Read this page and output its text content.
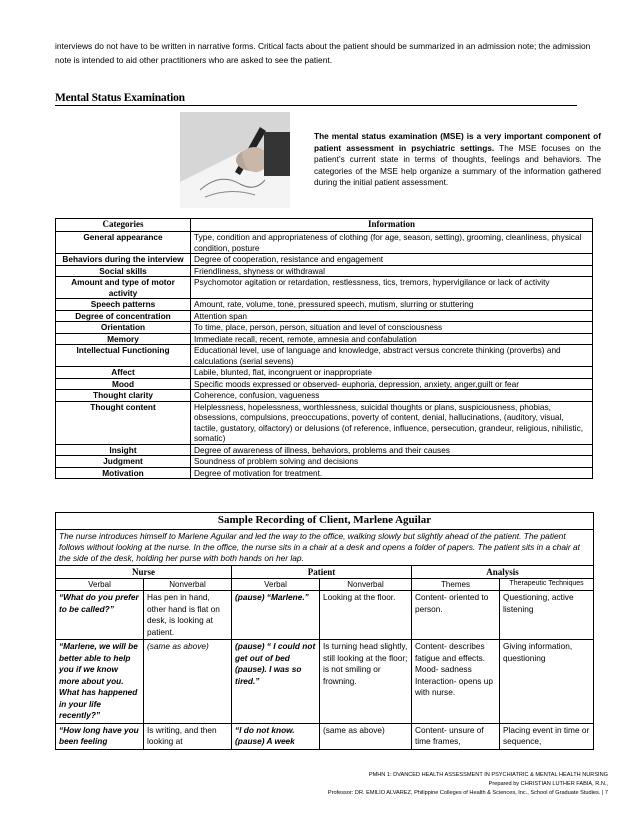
interviews do not have to be written in narrative forms. Critical facts about the patient should be summarized in an admission note; the admission note is intended to aid other practitioners who are asked to see the patient.
Mental Status Examination
The mental status examination (MSE) is a very important component of patient assessment in psychiatric settings. The MSE focuses on the patient’s current state in terms of thoughts, feelings and behaviors. The categories of the MSE help organize a summary of the information gathered during the initial patient assessment.
Categories	Information
General appearance	Type, condition and appropriateness of clothing (for age, season, setting), grooming, cleanliness, physical condition, posture
Behaviors during the interview	Degree of cooperation, resistance and engagement
Social skills	Friendliness, shyness or withdrawal
Amount and type of motor activity	Psychomotor agitation or retardation, restlessness, tics, tremors, hypervigilance or lack of activity
Speech patterns	Amount, rate, volume, tone, pressured speech, mutism, slurring or stuttering
Degree of concentration	Attention span
Orientation	To time, place, person, person, situation and level of consciousness
Memory	Immediate recall, recent, remote, amnesia and confabulation
Intellectual Functioning	Educational level, use of language and knowledge, abstract versus concrete thinking (proverbs) and calculations (serial sevens)
Affect	Labile, blunted, flat, incongruent or inappropriate
Mood	Specific moods expressed or observed- euphoria, depression, anxiety, anger,guilt or fear
Thought clarity	Coherence, confusion, vagueness
Thought content	Helplessness, hopelessness, worthlessness, suicidal thoughts or plans, suspiciousness, phobias, obsessions, compulsions, preoccupations, poverty of content, denial, hallucinations, (auditory, visual, tactile, gustatory, olfactory) or delusions (of reference, influence, persecution, grandeur, religious, nihilistic, somatic)
Insight	Degree of awareness of illness, behaviors, problems and their causes
Judgment	Soundness of problem solving and decisions
Motivation	Degree of motivation for treatment.
Sample Recording of Client, Marlene Aguilar					
The nurse introduces himself to Marlene Aguilar and led the way to the office, walking slowly but slightly ahead of the patient. The patient follows without looking at the nurse. In the office, the nurse sits in a chair at a desk and opens a folder of papers. The patient sits in a chair at the side of the desk, holding her purse with both hands on her lap.					
Nurse		Patient		Analysis	
Verbal	Nonverbal	Verbal	Nonverbal	Themes	Therapeutic Techniques
“What do you prefer to be called?”	Has pen in hand, other hand is flat on desk, is looking at patient.	(pause) “Marlene.”	Looking at the floor.	Content- oriented to person.	Questioning, active listening
“Marlene, we will be better able to help you if we know more about you. What has happened in your life recently?”	(same as above)	(pause) “ I could not get out of bed (pause). I was so tired.”	Is turning head slightly, still looking at the floor; is not smiling or frowning.	Content- describes fatigue and effects. Mood- sadness Interaction- opens up with nurse.	Giving information, questioning
“How long have you been feeling	Is writing, and then looking at	“I do not know. (pause) A week	(same as above)	Content- unsure of time frames,	Placing event in time or sequence,
PMHN 1: DVANCED HEALTH ASSESSMENT IN PSYCHIATRIC & MENTAL HEALTH NURSING
Prepared by CHRISTIAN LUTHER FABIA, R.N.,
Professor: DR. EMILIO ALVAREZ, Philippine Colleges of Health & Sciences, Inc., School of Graduate Studies. | 7
